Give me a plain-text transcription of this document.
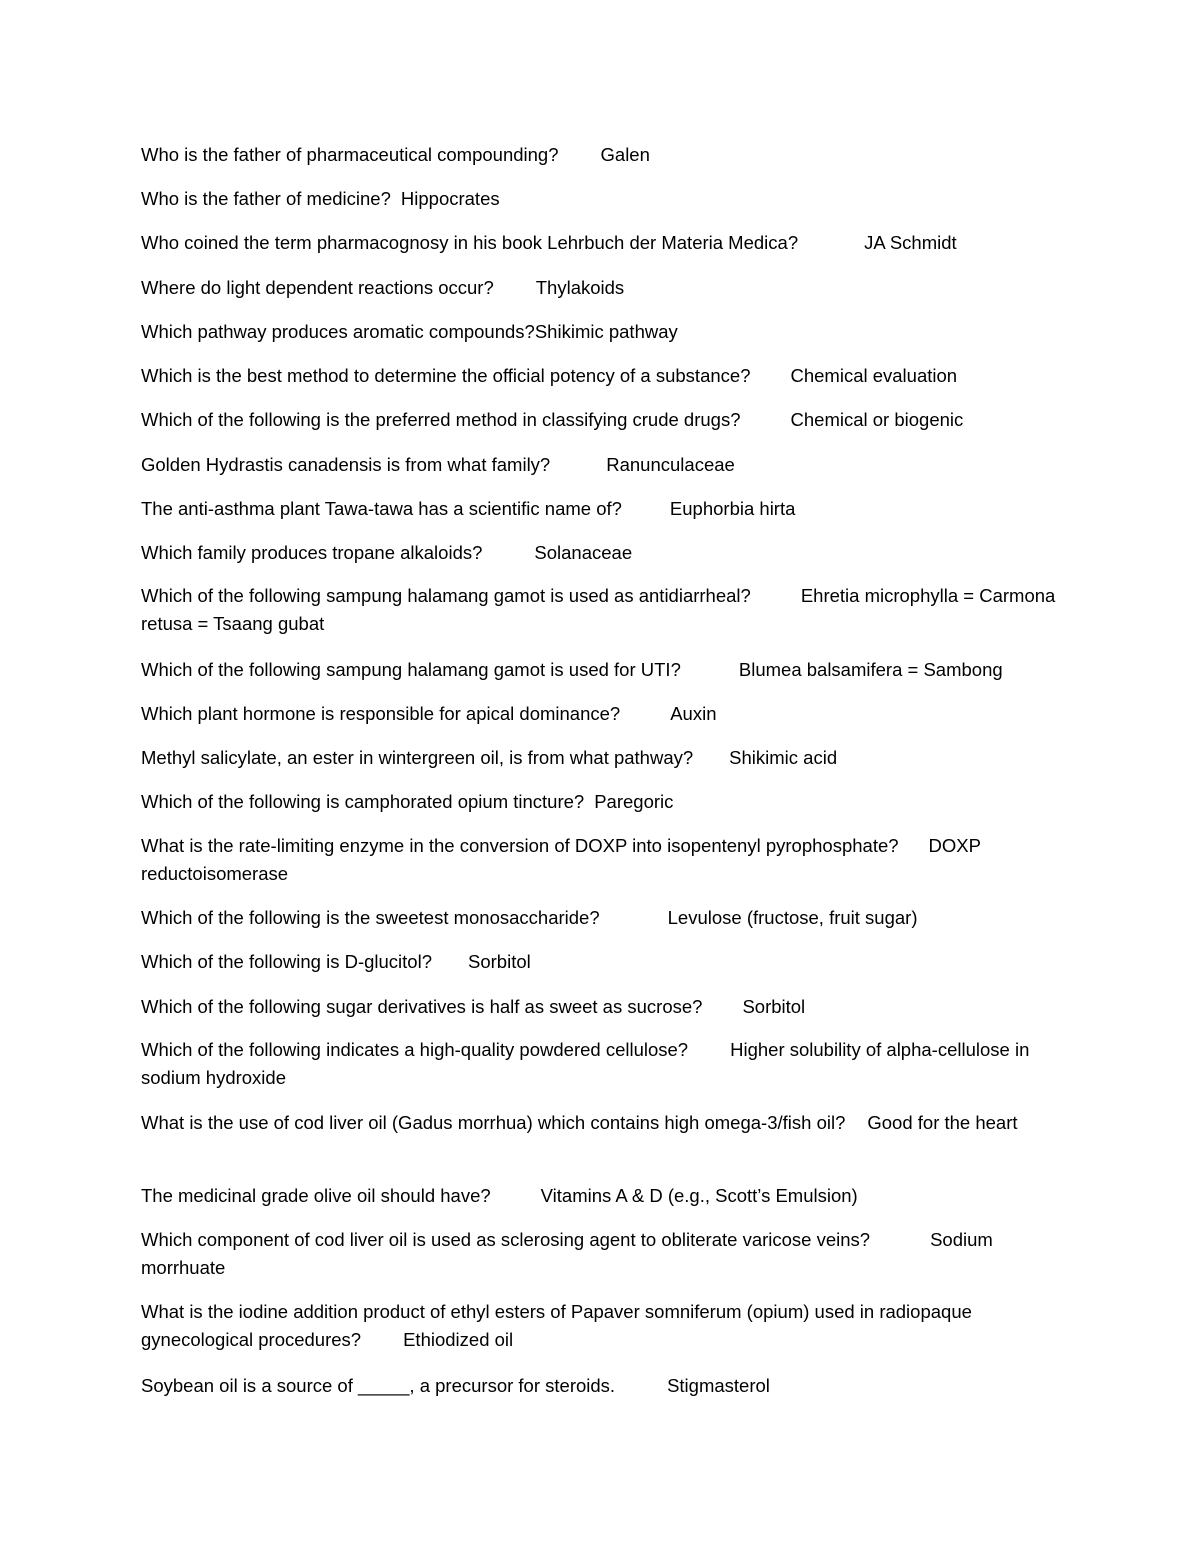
Who is the father of pharmaceutical compounding? Galen
Who is the father of medicine? Hippocrates
Who coined the term pharmacognosy in his book Lehrbuch der Materia Medica?	JA Schmidt
Where do light dependent reactions occur? Thylakoids
Which pathway produces aromatic compounds?Shikimic pathway
Which is the best method to determine the official potency of a substance? Chemical evaluation
Which of the following is the preferred method in classifying crude drugs?	Chemical or biogenic
Golden Hydrastis canadensis is from what family?	Ranunculaceae
The anti-asthma plant Tawa-tawa has a scientific name of?	Euphorbia hirta
Which family produces tropane alkaloids?	Solanaceae
Which of the following sampung halamang gamot is used as antidiarrheal?	Ehretia microphylla = Carmona retusa = Tsaang gubat
Which of the following sampung halamang gamot is used for UTI?	Blumea balsamifera = Sambong
Which plant hormone is responsible for apical dominance?	Auxin
Methyl salicylate, an ester in wintergreen oil, is from what pathway? Shikimic acid
Which of the following is camphorated opium tincture? Paregoric
What is the rate-limiting enzyme in the conversion of DOXP into isopentenyl pyrophosphate? DOXP reductoisomerase
Which of the following is the sweetest monosaccharide?	Levulose (fructose, fruit sugar)
Which of the following is D-glucitol? Sorbitol
Which of the following sugar derivatives is half as sweet as sucrose? Sorbitol
Which of the following indicates a high-quality powdered cellulose? Higher solubility of alpha-cellulose in sodium hydroxide
What is the use of cod liver oil (Gadus morrhua) which contains high omega-3/fish oil? Good for the heart
The medicinal grade olive oil should have?	Vitamins A & D (e.g., Scott’s Emulsion)
Which component of cod liver oil is used as sclerosing agent to obliterate varicose veins?	Sodium morrhuate
What is the iodine addition product of ethyl esters of Papaver somniferum (opium) used in radiopaque gynecological procedures? Ethiodized oil
Soybean oil is a source of _____, a precursor for steroids.	Stigmasterol
